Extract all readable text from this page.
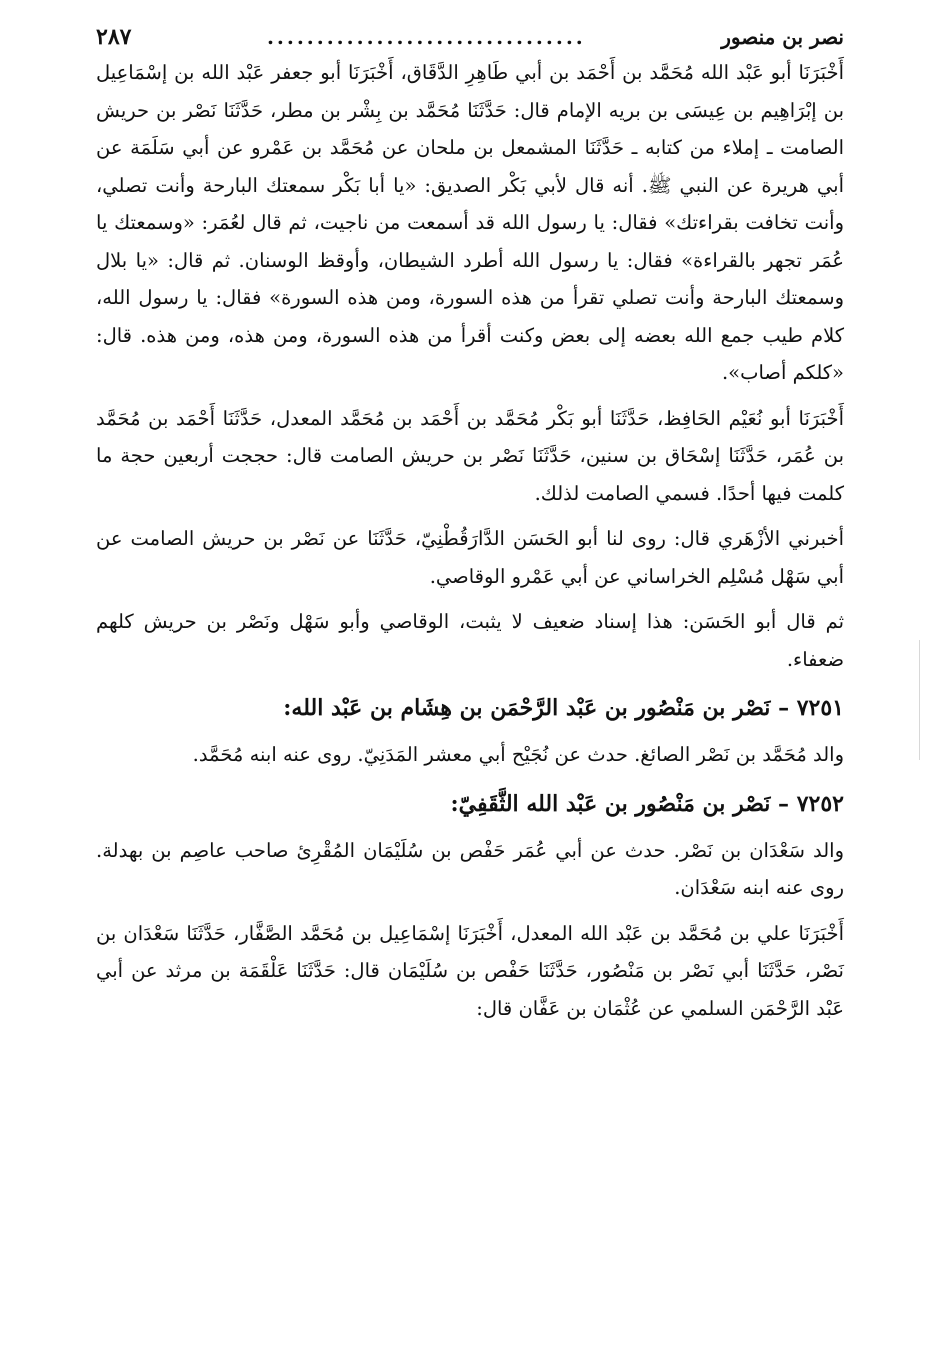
نصر بن منصور
................................
٢٨٧

أَخْبَرَنَا أبو عَبْد الله مُحَمَّد بن أَحْمَد بن أبي طَاهِرِ الدَّقَاق، أَخْبَرَنَا أبو جعفر عَبْد الله بن إسْمَاعِيل بن إبْرَاهِيم بن عِيسَى بن بريه الإمام قال: حَدَّثَنَا مُحَمَّد بن بِشْر بن مطر، حَدَّثَنَا نَصْر بن حريش الصامت ـ إملاء من كتابه ـ حَدَّثَنَا المشمعل بن ملحان عن مُحَمَّد بن عَمْرو عن أبي سَلَمَة عن أبي هريرة عن النبي ﷺ. أنه قال لأبي بَكْر الصديق: «يا أبا بَكْر سمعتك البارحة وأنت تصلي، وأنت تخافت بقراءتك» فقال: يا رسول الله قد أسمعت من ناجيت، ثم قال لعُمَر: «وسمعتك يا عُمَر تجهر بالقراءة» فقال: يا رسول الله أطرد الشيطان، وأوقظ الوسنان. ثم قال: «يا بلال وسمعتك البارحة وأنت تصلي تقرأ من هذه السورة، ومن هذه السورة» فقال: يا رسول الله، كلام طيب جمع الله بعضه إلى بعض وكنت أقرأ من هذه السورة، ومن هذه، ومن هذه. قال: «كلكم أصاب».

أَخْبَرَنَا أبو نُعَيْم الحَافِظ، حَدَّثَنَا أبو بَكْر مُحَمَّد بن أَحْمَد بن مُحَمَّد المعدل، حَدَّثَنَا أَحْمَد بن مُحَمَّد بن عُمَر، حَدَّثَنَا إسْحَاق بن سنين، حَدَّثَنَا نَصْر بن حريش الصامت قال: حججت أربعين حجة ما كلمت فيها أحدًا. فسمي الصامت لذلك.

أخبرني الأزْهَري قال: روى لنا أبو الحَسَن الدَّارَقُطْنِيّ، حَدَّثَنَا عن نَصْر بن حريش الصامت عن أبي سَهْل مُسْلِم الخراساني عن أبي عَمْرو الوقاصي.

ثم قال أبو الحَسَن: هذا إسناد ضعيف لا يثبت، الوقاصي وأبو سَهْل ونَصْر بن حريش كلهم ضعفاء.

٧٢٥١ – نَصْر بن مَنْصُور بن عَبْد الرَّحْمَن بن هِشَام بن عَبْد الله:

والد مُحَمَّد بن نَصْر الصائغ. حدث عن نُجَيْح أبي معشر المَدَنِيّ. روى عنه ابنه مُحَمَّد.

٧٢٥٢ – نَصْر بن مَنْصُور بن عَبْد الله الثَّقَفِيّ:

والد سَعْدَان بن نَصْر. حدث عن أبي عُمَر حَفْص بن سُلَيْمَان المُقْرِئ صاحب عاصِم بن بهدلة. روى عنه ابنه سَعْدَان.

أَخْبَرَنَا علي بن مُحَمَّد بن عَبْد الله المعدل، أَخْبَرَنَا إسْمَاعِيل بن مُحَمَّد الصَّفَّار، حَدَّثَنَا سَعْدَان بن نَصْر، حَدَّثَنَا أبي نَصْر بن مَنْصُور، حَدَّثَنَا حَفْص بن سُلَيْمَان قال: حَدَّثَنَا عَلْقَمَة بن مرثد عن أبي عَبْد الرَّحْمَن السلمي عن عُثْمَان بن عَفَّان قال:
